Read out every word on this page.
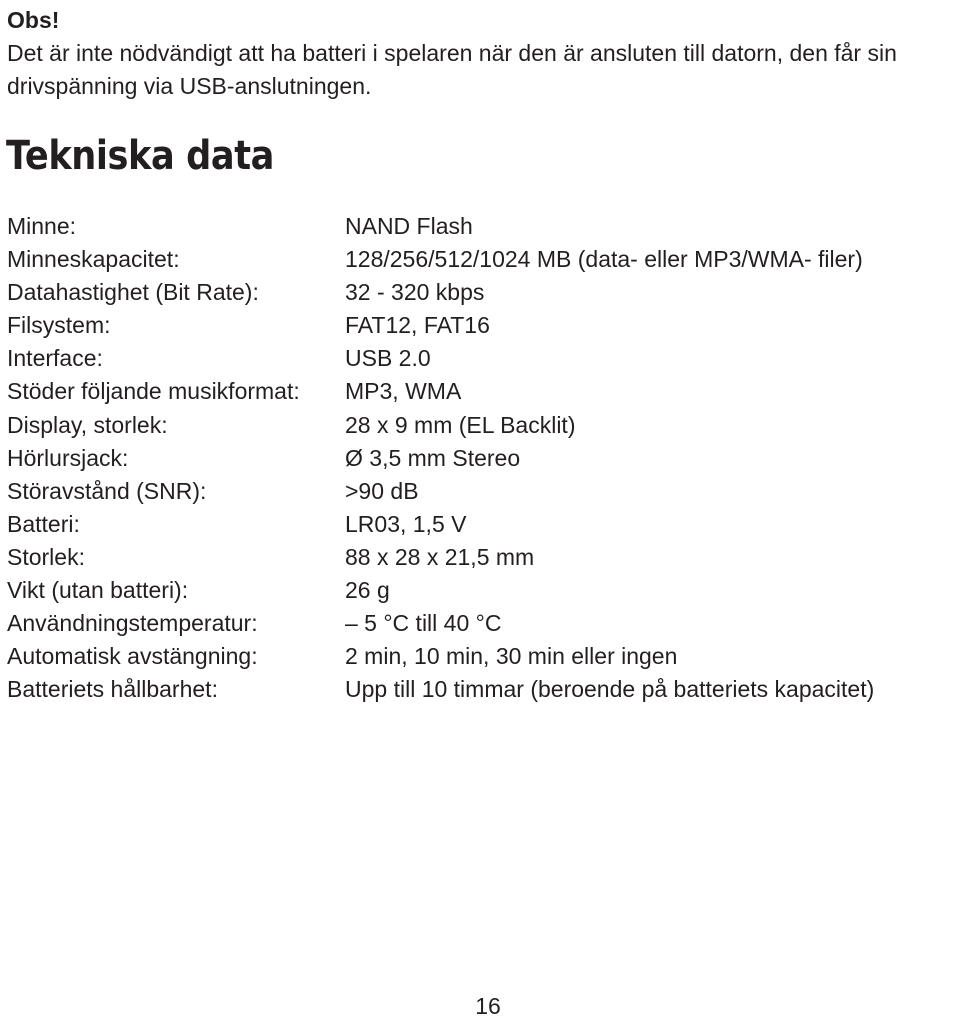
Obs!
Det är inte nödvändigt att ha batteri i spelaren när den är ansluten till datorn, den får sin drivspänning via USB-anslutningen.
Tekniska data
Minne:	NAND Flash
Minneskapacitet:	128/256/512/1024 MB (data- eller MP3/WMA- filer)
Datahastighet (Bit Rate):	32 - 320 kbps
Filsystem:	FAT12, FAT16
Interface:	USB 2.0
Stöder följande musikformat: MP3, WMA
Display, storlek:	28 x 9 mm (EL Backlit)
Hörlursjack:	Ø 3,5 mm Stereo
Störavstånd (SNR):	>90 dB
Batteri:	LR03, 1,5 V
Storlek:	88 x 28 x 21,5 mm
Vikt (utan batteri):	26 g
Användningstemperatur:	– 5 °C till 40 °C
Automatisk avstängning:	2 min, 10 min, 30 min eller ingen
Batteriets hållbarhet:	Upp till 10 timmar (beroende på batteriets kapacitet)
16
